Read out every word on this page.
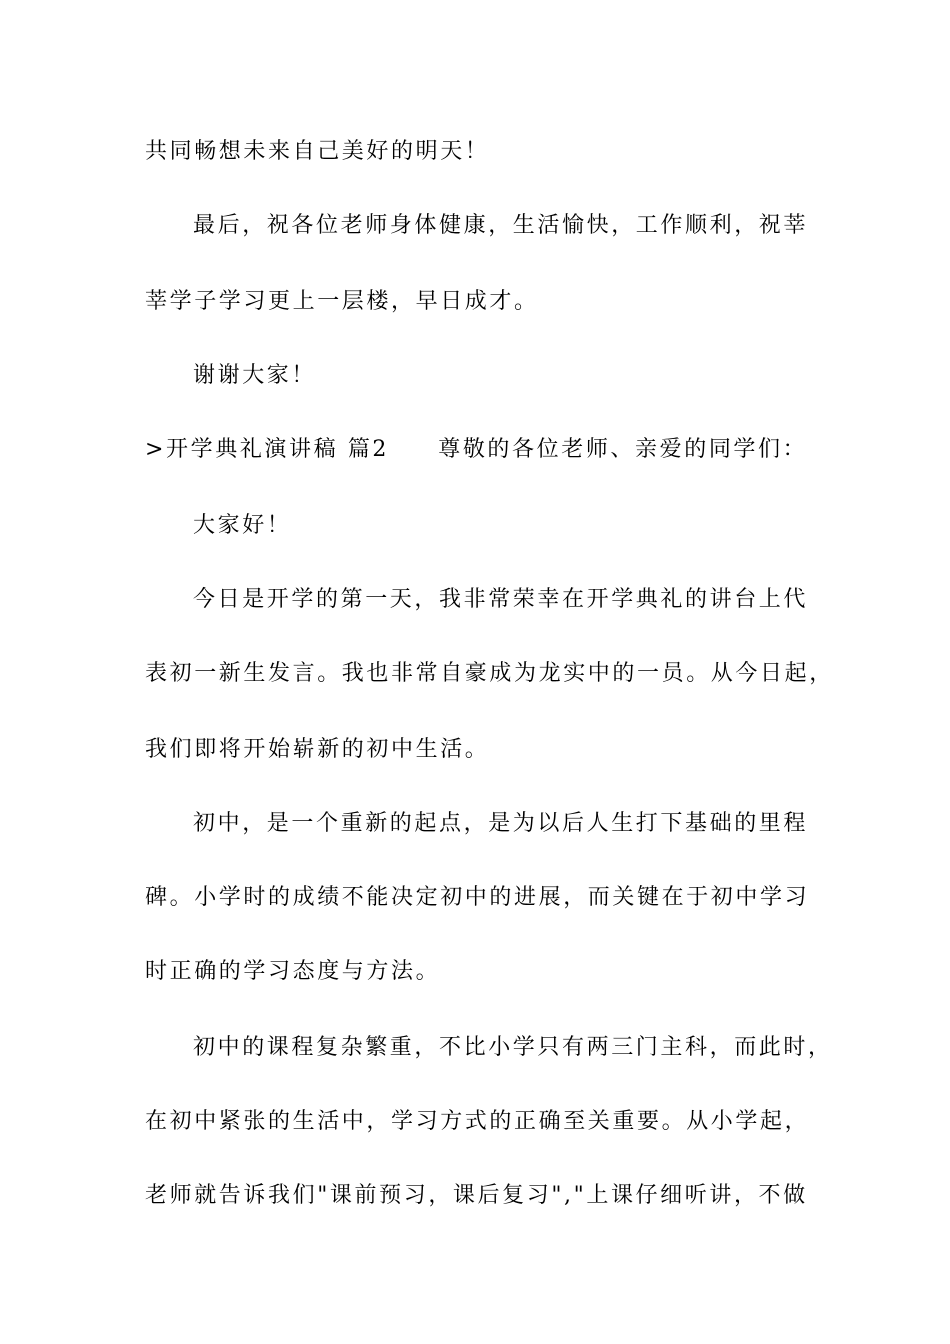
共同畅想未来自己美好的明天！
最后，祝各位老师身体健康，生活愉快，工作顺利，祝莘
莘学子学习更上一层楼，早日成才。
谢谢大家！
>开学典礼演讲稿 篇2　　尊敬的各位老师、亲爱的同学们：
大家好！
今日是开学的第一天，我非常荣幸在开学典礼的讲台上代
表初一新生发言。我也非常自豪成为龙实中的一员。从今日起，
我们即将开始崭新的初中生活。
初中，是一个重新的起点，是为以后人生打下基础的里程
碑。小学时的成绩不能决定初中的进展，而关键在于初中学习
时正确的学习态度与方法。
初中的课程复杂繁重，不比小学只有两三门主科，而此时，
在初中紧张的生活中，学习方式的正确至关重要。从小学起，
老师就告诉我们"课前预习，课后复习","上课仔细听讲，不做
